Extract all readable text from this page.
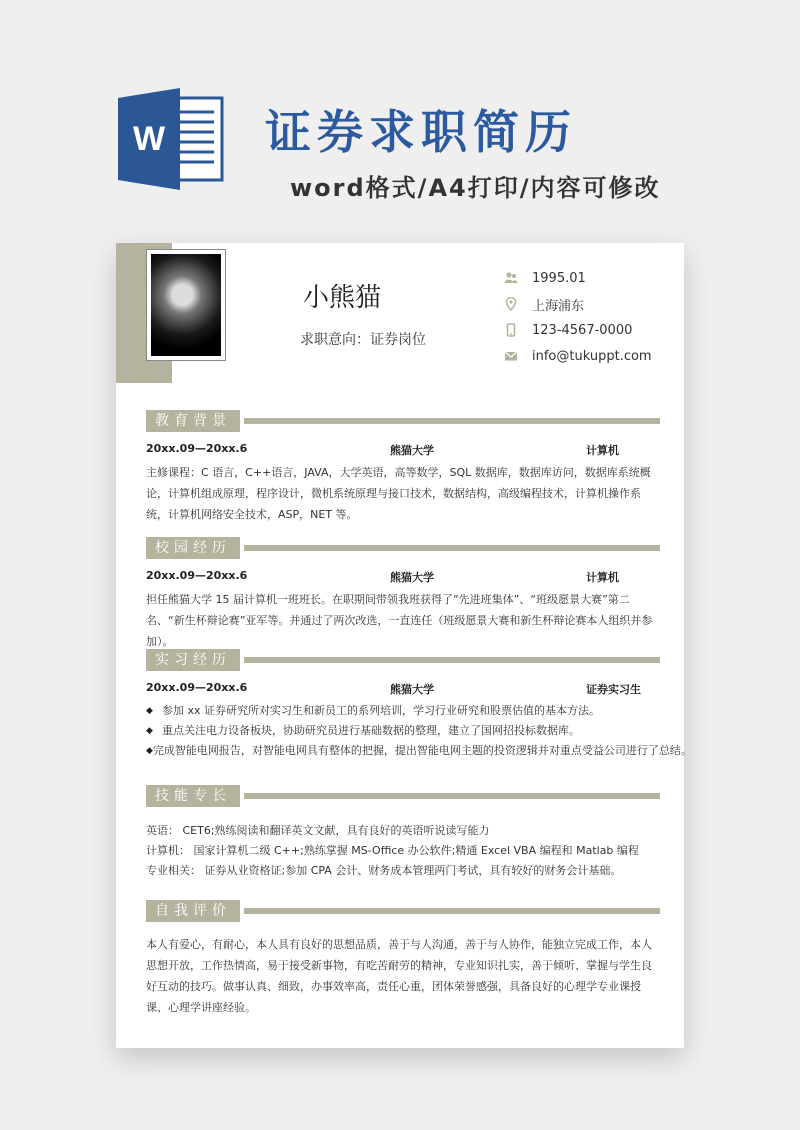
W 证券求职简历
word格式/A4打印/内容可修改
小熊猫
求职意向：证券岗位
1995.01
上海浦东
123-4567-0000
info@tukuppt.com
教育背景
20xx.09—20xx.6	熊猫大学	计算机
主修课程：C 语言，C++语言，JAVA，大学英语，高等数学，SQL 数据库，数据库访问，数据库系统概论，计算机组成原理，程序设计，微机系统原理与接口技术，数据结构，高级编程技术，计算机操作系统，计算机网络安全技术，ASP，NET 等。
校园经历
20xx.09—20xx.6	熊猫大学	计算机
担任熊猫大学 15 届计算机一班班长。在职期间带领我班获得了“先进班集体”、“班级愿景大赛”第二名、“新生杯辩论赛”亚军等。并通过了两次改选，一直连任（班级愿景大赛和新生杯辩论赛本人组织并参加）。
实习经历
20xx.09—20xx.6	熊猫大学	证券实习生
◆ 参加 xx 证券研究所对实习生和新员工的系列培训，学习行业研究和股票估值的基本方法。
◆ 重点关注电力设备板块，协助研究员进行基础数据的整理，建立了国网招投标数据库。
◆ 完成智能电网报告，对智能电网具有整体的把握，提出智能电网主题的投资逻辑并对重点受益公司进行了总结。
技能专长
英语： CET6;熟练阅读和翻译英文文献，具有良好的英语听说读写能力
计算机： 国家计算机二级 C++;熟练掌握 MS-Office 办公软件;精通 Excel VBA 编程和 Matlab 编程
专业相关： 证券从业资格证;参加 CPA 会计、财务成本管理两门考试，具有较好的财务会计基础。
自我评价
本人有爱心，有耐心，本人具有良好的思想品质，善于与人沟通，善于与人协作，能独立完成工作，本人思想开放，工作热情高，易于接受新事物，有吃苦耐劳的精神，专业知识扎实，善于倾听、掌握与学生良好互动的技巧。做事认真、细致，办事效率高，责任心重，团体荣誉感强，具备良好的心理学专业课授课、心理学讲座经验。
